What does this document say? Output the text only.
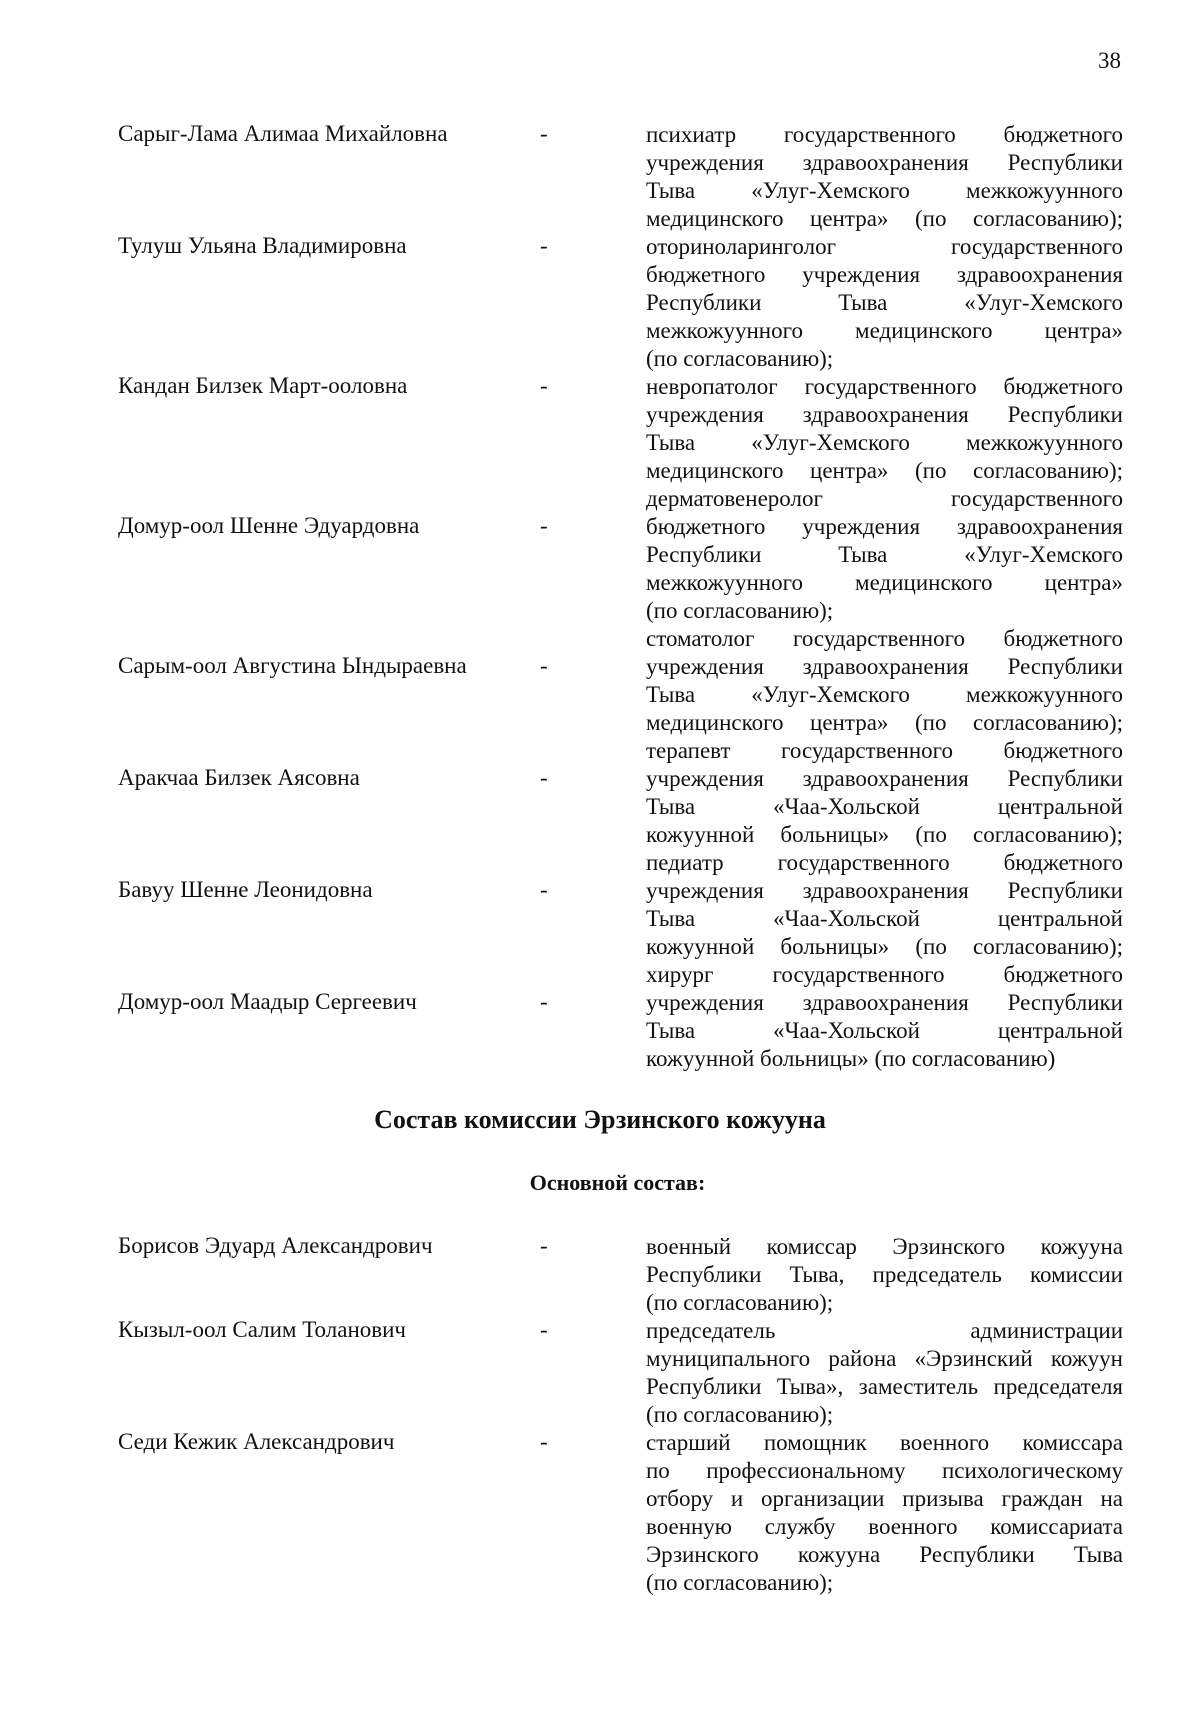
38
Сарыг-Лама Алимаа Михайловна	-	психиатр государственного бюджетного
учреждения здравоохранения Республики
Тыва «Улуг-Хемского межкожуунного
медицинского центра» (по согласованию);
Тулуш Ульяна Владимировна	-	оториноларинголог государственного
бюджетного учреждения здравоохранения
Республики Тыва «Улуг-Хемского
межкожуунного медицинского центра»
(по согласованию);
Кандан Билзек Март-ооловна	-	невропатолог государственного бюджетного
учреждения здравоохранения Республики
Тыва «Улуг-Хемского межкожуунного
медицинского центра» (по согласованию);
Домур-оол Шенне Эдуардовна	-
дерматовенеролог государственного
бюджетного учреждения здравоохранения
Республики Тыва «Улуг-Хемского
межкожуунного медицинского центра»
(по согласованию);
Сарым-оол Августина Ындыраевна	-
стоматолог государственного бюджетного
учреждения здравоохранения Республики
Тыва «Улуг-Хемского межкожуунного
медицинского центра» (по согласованию);
Аракчаа Билзек Аясовна	-
терапевт государственного бюджетного
учреждения здравоохранения Республики
Тыва «Чаа-Хольской центральной
кожуунной больницы» (по согласованию);
Бавуу Шенне Леонидовна	-
педиатр государственного бюджетного
учреждения здравоохранения Республики
Тыва «Чаа-Хольской центральной
кожуунной больницы» (по согласованию);
Домур-оол Маадыр Сергеевич	-
хирург государственного бюджетного
учреждения здравоохранения Республики
Тыва «Чаа-Хольской центральной
кожуунной больницы» (по согласованию)
Состав комиссии Эрзинского кожууна
Основной состав:
Борисов Эдуард Александрович	-	военный комиссар Эрзинского кожууна
Республики Тыва, председатель комиссии
(по согласованию);
Кызыл-оол Салим Толанович	-	председатель администрации
муниципального района «Эрзинский кожуун
Республики Тыва», заместитель председателя
(по согласованию);
Седи Кежик Александрович	-	старший помощник военного комиссара
по профессиональному психологическому
отбору и организации призыва граждан на
военную службу военного комиссариата
Эрзинского кожууна Республики Тыва
(по согласованию);
